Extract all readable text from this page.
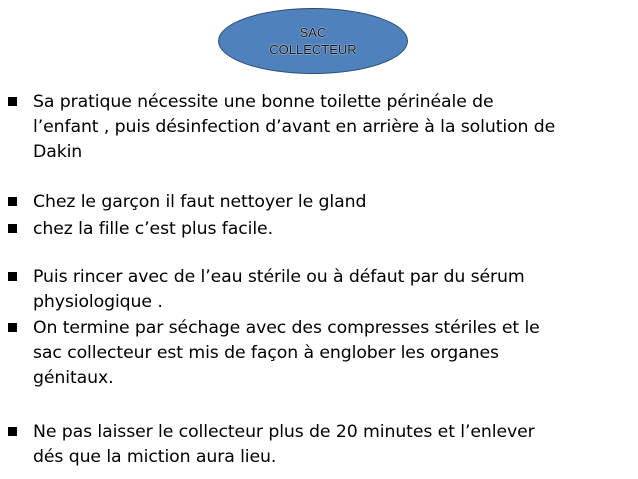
SAC
COLLECTEUR
Sa pratique nécessite une bonne toilette périnéale de
l’enfant , puis désinfection d’avant en arrière à la solution de
Dakin
Chez le garçon il faut nettoyer le gland
chez la fille c’est plus facile.
Puis rincer avec de l’eau stérile ou à défaut par du sérum
physiologique .
On termine par séchage avec des compresses stériles et le
sac collecteur est mis de façon à englober les organes
génitaux.
Ne pas laisser le collecteur plus de 20 minutes et l’enlever
dés que la miction aura lieu.
